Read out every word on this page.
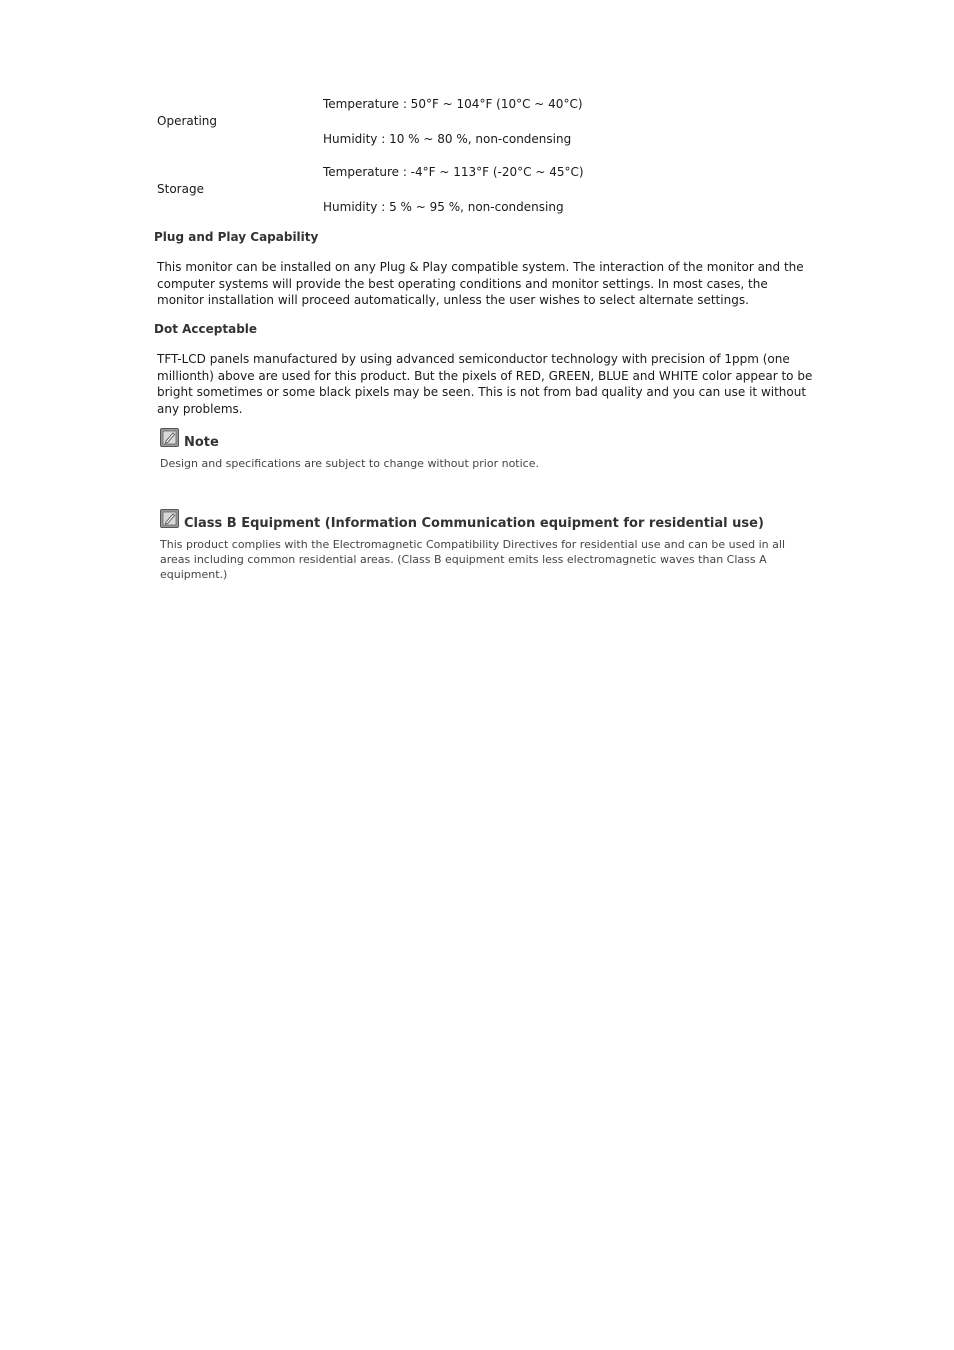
Temperature : 50°F ~ 104°F (10°C ~ 40°C)
Operating
Humidity : 10 % ~ 80 %, non-condensing
Temperature : -4°F ~ 113°F (-20°C ~ 45°C)
Storage
Humidity : 5 % ~ 95 %, non-condensing
Plug and Play Capability
This monitor can be installed on any Plug & Play compatible system. The interaction of the monitor and the computer systems will provide the best operating conditions and monitor settings. In most cases, the monitor installation will proceed automatically, unless the user wishes to select alternate settings.
Dot Acceptable
TFT-LCD panels manufactured by using advanced semiconductor technology with precision of 1ppm (one millionth) above are used for this product. But the pixels of RED, GREEN, BLUE and WHITE color appear to be bright sometimes or some black pixels may be seen. This is not from bad quality and you can use it without any problems.
Note
Design and specifications are subject to change without prior notice.
Class B Equipment (Information Communication equipment for residential use)
This product complies with the Electromagnetic Compatibility Directives for residential use and can be used in all areas including common residential areas. (Class B equipment emits less electromagnetic waves than Class A equipment.)
